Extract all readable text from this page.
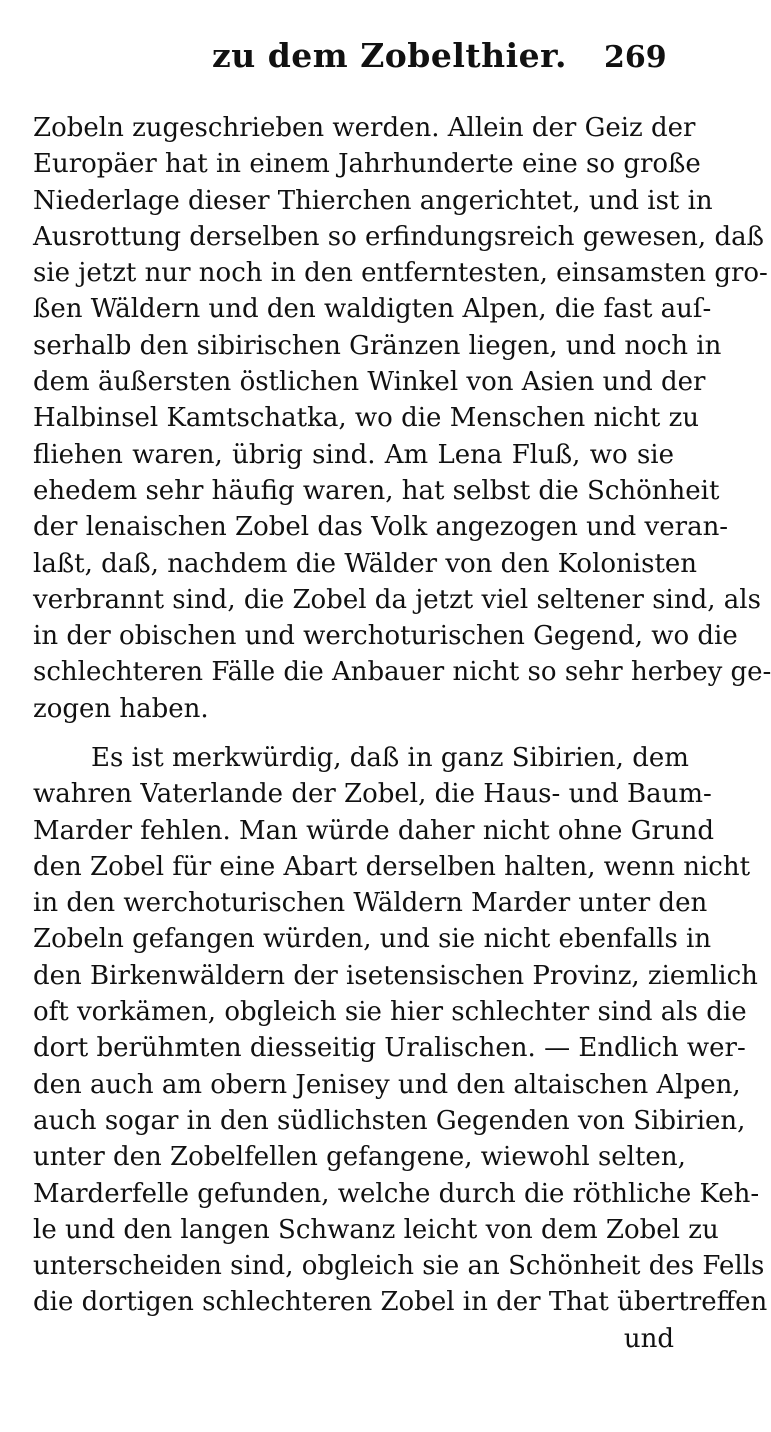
zu dem Zobelthier. 269
Zobeln zugeschrieben werden. Allein der Geiz der
Europäer hat in einem Jahrhunderte eine so große
Niederlage dieser Thierchen angerichtet, und ist in
Ausrottung derselben so erfindungsreich gewesen, daß
sie jetzt nur noch in den entferntesten, einsamsten gro-
ßen Wäldern und den waldigten Alpen, die fast auſ-
serhalb den sibirischen Gränzen liegen, und noch in
dem äußersten östlichen Winkel von Asien und der
Halbinsel Kamtschatka, wo die Menschen nicht zu
fliehen waren, übrig sind. Am Lena Fluß, wo sie
ehedem sehr häufig waren, hat selbst die Schönheit
der lenaischen Zobel das Volk angezogen und veran-
laßt, daß, nachdem die Wälder von den Kolonisten
verbrannt sind, die Zobel da jetzt viel seltener sind, als
in der obischen und werchoturischen Gegend, wo die
schlechteren Fälle die Anbauer nicht so sehr herbey ge-
zogen haben.
Es ist merkwürdig, daß in ganz Sibirien, dem
wahren Vaterlande der Zobel, die Haus- und Baum-
Marder fehlen. Man würde daher nicht ohne Grund
den Zobel für eine Abart derselben halten, wenn nicht
in den werchoturischen Wäldern Marder unter den
Zobeln gefangen würden, und sie nicht ebenfalls in
den Birkenwäldern der isetensischen Provinz, ziemlich
oft vorkämen, obgleich sie hier schlechter sind als die
dort berühmten diesseitig Uralischen. — Endlich wer-
den auch am obern Jenisey und den altaischen Alpen,
auch sogar in den südlichsten Gegenden von Sibirien,
unter den Zobelfellen gefangene, wiewohl selten,
Marderfelle gefunden, welche durch die röthliche Keh-
le und den langen Schwanz leicht von dem Zobel zu
unterscheiden sind, obgleich sie an Schönheit des Fells
die dortigen schlechteren Zobel in der That übertreffen
und
